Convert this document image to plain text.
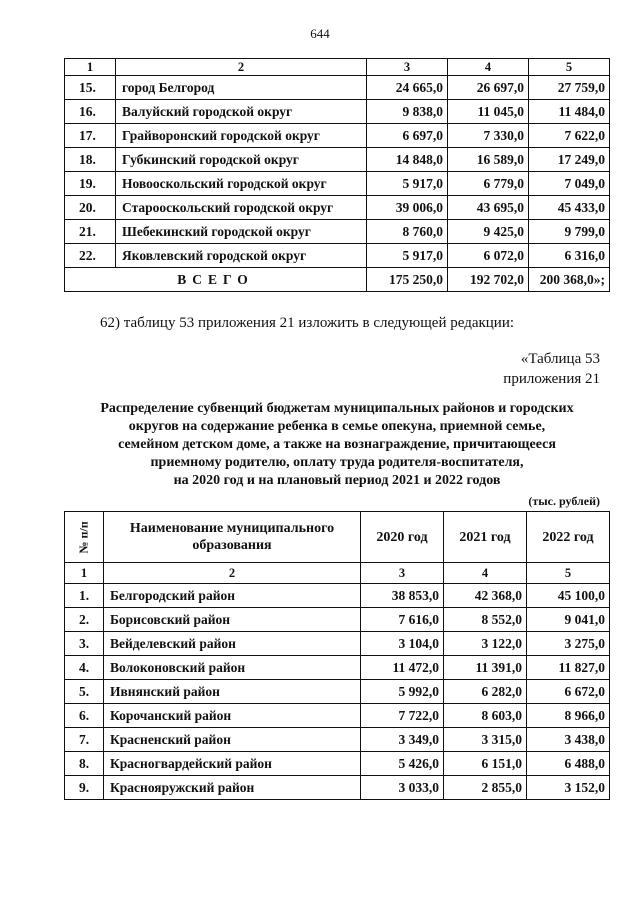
644
1	2	3	4	5
15.	город Белгород	24 665,0	26 697,0	27 759,0
16.	Валуйский городской округ	9 838,0	11 045,0	11 484,0
17.	Грайворонский городской округ	6 697,0	7 330,0	7 622,0
18.	Губкинский городской округ	14 848,0	16 589,0	17 249,0
19.	Новооскольский городской округ	5 917,0	6 779,0	7 049,0
20.	Старооскольский городской округ	39 006,0	43 695,0	45 433,0
21.	Шебекинский городской округ	8 760,0	9 425,0	9 799,0
22.	Яковлевский городской округ	5 917,0	6 072,0	6 316,0
ВСЕГО		175 250,0	192 702,0	200 368,0»;
62) таблицу 53 приложения 21 изложить в следующей редакции:
«Таблица 53
приложения 21
Распределение субвенций бюджетам муниципальных районов и городских
округов на содержание ребенка в семье опекуна, приемной семье,
семейном детском доме, а также на вознаграждение, причитающееся
приемному родителю, оплату труда родителя-воспитателя,
на 2020 год и на плановый период 2021 и 2022 годов
(тыс. рублей)
№ п/п	Наименование муниципального образования	2020 год	2021 год	2022 год
1	2	3	4	5
1.	Белгородский район	38 853,0	42 368,0	45 100,0
2.	Борисовский район	7 616,0	8 552,0	9 041,0
3.	Вейделевский район	3 104,0	3 122,0	3 275,0
4.	Волоконовский район	11 472,0	11 391,0	11 827,0
5.	Ивнянский район	5 992,0	6 282,0	6 672,0
6.	Корочанский район	7 722,0	8 603,0	8 966,0
7.	Красненский район	3 349,0	3 315,0	3 438,0
8.	Красногвардейский район	5 426,0	6 151,0	6 488,0
9.	Краснояружский район	3 033,0	2 855,0	3 152,0
